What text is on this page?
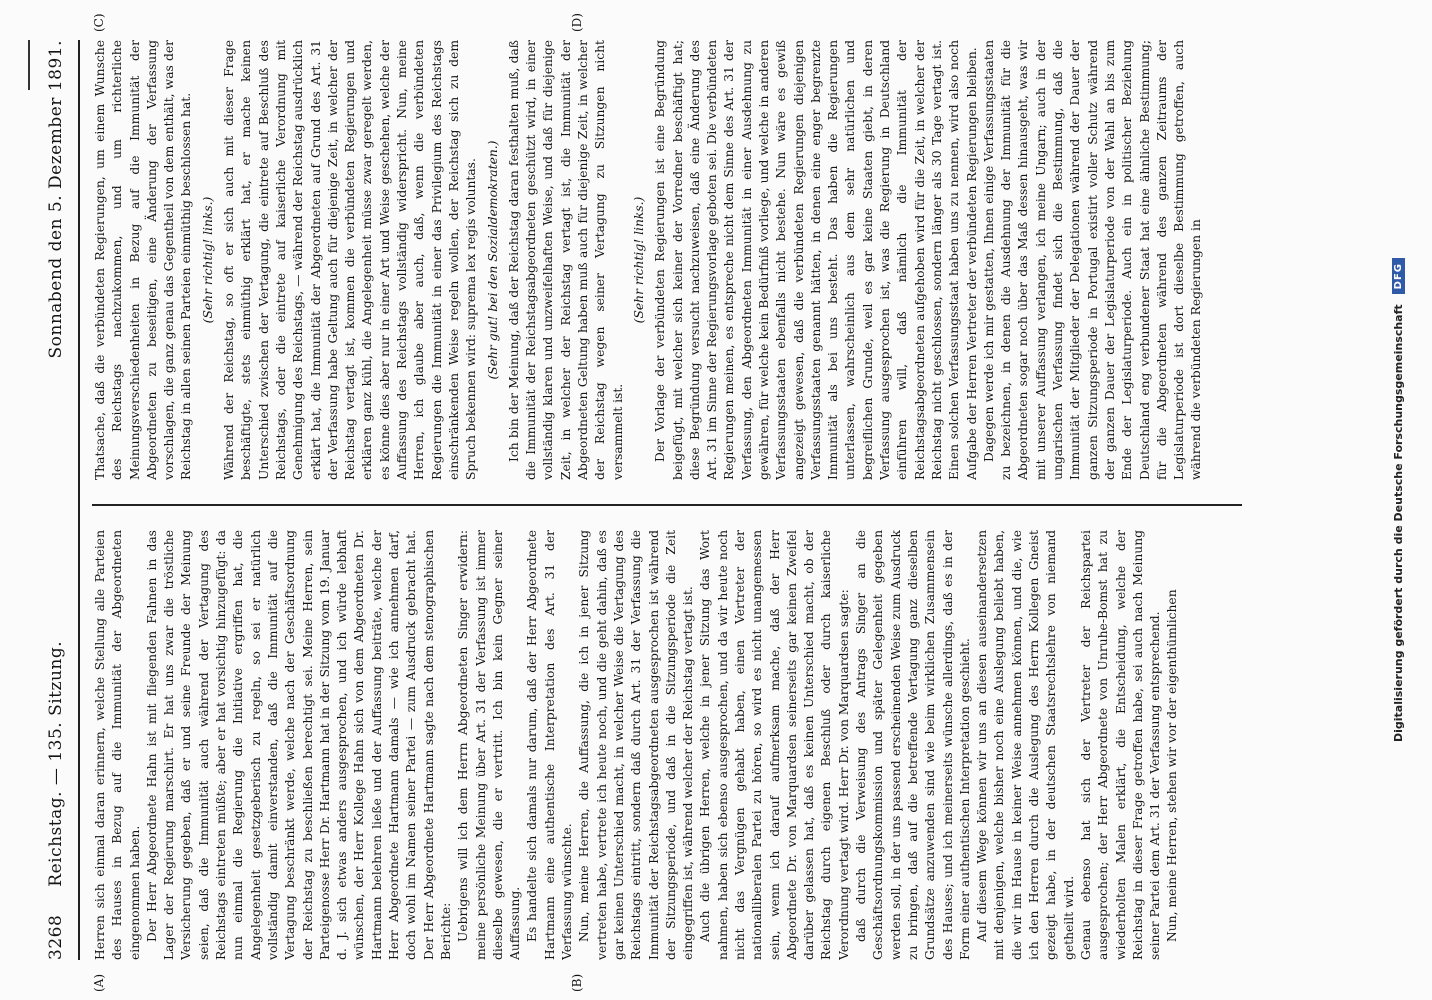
3268
Reichstag. — 135. Sitzung.
Sonnabend den 5. Dezember 1891.
(A)	(B)
(C)	(D)

Herren sich einmal daran erinnern, welche Stellung alle Parteien des Hauses in Bezug auf die Immunität der Abgeordneten eingenommen haben. Der Herr Abgeordnete Hahn ist mit fliegenden Fahnen in das Lager der Regierung marschirt. Er hat uns zwar die tröstliche Versicherung gegeben, daß er und seine Freunde der Meinung seien, daß die Immunität auch während der Vertagung des Reichstags eintreten müßte; aber er hat vorsichtig hinzugefügt: da nun einmal die Regierung die Initiative ergriffen hat, die Angelegenheit gesetzgeberisch zu regeln, so sei er natürlich vollständig damit einverstanden, daß die Immunität auf die Vertagung beschränkt werde, welche nach der Geschäftsordnung der Reichstag zu beschließen berechtigt sei. Meine Herren, sein Parteigenosse Herr Dr. Hartmann hat in der Sitzung vom 19. Januar d. J. sich etwas anders ausgesprochen, und ich würde lebhaft wünschen, der Herr Kollege Hahn sich von dem Abgeordneten Dr. Hartmann belehren ließe und der Auffassung beiträte, welche der Herr Abgeordnete Hartmann damals — wie ich annehmen darf, doch wohl im Namen seiner Partei — zum Ausdruck gebracht hat. Der Herr Abgeordnete Hartmann sagte nach dem stenographischen Berichte: Uebrigens will ich dem Herrn Abgeordneten Singer erwidern: meine persönliche Meinung über Art. 31 der Verfassung ist immer dieselbe gewesen, die er vertritt. Ich bin kein Gegner seiner Auffassung. Es handelte sich damals nur darum, daß der Herr Abgeordnete Hartmann eine authentische Interpretation des Art. 31 der Verfassung wünschte. Nun, meine Herren, die Auffassung, die ich in jener Sitzung vertreten habe, vertrete ich heute noch, und die geht dahin, daß es gar keinen Unterschied macht, in welcher Weise die Vertagung des Reichstags eintritt, sondern daß durch Art. 31 der Verfassung die Immunität der Reichstagsabgeordneten ausgesprochen ist während der Sitzungsperiode, und daß in die Sitzungsperiode die Zeit eingegriffen ist, während welcher der Reichstag vertagt ist. Auch die übrigen Herren, welche in jener Sitzung das Wort nahmen, haben sich ebenso ausgesprochen, und da wir heute noch nicht das Vergnügen gehabt haben, einen Vertreter der nationalliberalen Partei zu hören, so wird es nicht unangemessen sein, wenn ich darauf aufmerksam mache, daß der Herr Abgeordnete Dr. von Marquardsen seinerseits gar keinen Zweifel darüber gelassen hat, daß es keinen Unterschied macht, ob der Reichstag durch eigenen Beschluß oder durch kaiserliche Verordnung vertagt wird. Herr Dr. von Marquardsen sagte: daß durch die Verweisung des Antrags Singer an die Geschäftsordnungskommission und später Gelegenheit gegeben werden soll, in der uns passend erscheinenden Weise zum Ausdruck zu bringen, daß auf die betreffende Vertagung ganz dieselben Grundsätze anzuwenden sind wie beim wirklichen Zusammensein des Hauses; und ich meinerseits wünsche allerdings, daß es in der Form einer authentischen Interpretation geschieht. Auf diesem Wege können wir uns an diesen auseinandersetzen mit denjenigen, welche bisher noch eine Auslegung beliebt haben, die wir im Hause in keiner Weise annehmen können, und die, wie ich den Herren durch die Auslegung des Herrn Kollegen Gneist gezeigt habe, in der deutschen Staatsrechtslehre von niemand getheilt wird. Genau ebenso hat sich der Vertreter der Reichspartei ausgesprochen; der Herr Abgeordnete von Unruhe-Bomst hat zu wiederholten Malen erklärt, die Entscheidung, welche der Reichstag in dieser Frage getroffen habe, sei auch nach Meinung seiner Partei dem Art. 31 der Verfassung entsprechend. Nun, meine Herren, stehen wir vor der eigenthümlichen

Thatsache, daß die verbündeten Regierungen, um einem Wunsche des Reichstags nachzukommen, und um richterliche Meinungsverschiedenheiten in Bezug auf die Immunität der Abgeordneten zu beseitigen, eine Änderung der Verfassung vorschlagen, die ganz genau das Gegentheil von dem enthält, was der Reichstag in allen seinen Parteien einmüthig beschlossen hat. (Sehr richtig! links.) Während der Reichstag, so oft er sich auch mit dieser Frage beschäftigte, stets einmüthig erklärt hat, er mache keinen Unterschied zwischen der Vertagung, die eintrete auf Beschluß des Reichstags, oder die eintrete auf kaiserliche Verordnung mit Genehmigung des Reichstags, — während der Reichstag ausdrücklich erklärt hat, die Immunität der Abgeordneten auf Grund des Art. 31 der Verfassung habe Geltung auch für diejenige Zeit, in welcher der Reichstag vertagt ist, kommen die verbündeten Regierungen und erklären ganz kühl, die Angelegenheit müsse zwar geregelt werden, es könne dies aber nur in einer Art und Weise geschehen, welche der Auffassung des Reichstags vollständig widerspricht. Nun, meine Herren, ich glaube aber auch, daß, wenn die verbündeten Regierungen die Immunität in einer das Privilegium des Reichstags einschränkenden Weise regeln wollen, der Reichstag sich zu dem Spruch bekennen wird: suprema lex regis voluntas. (Sehr gut! bei den Sozialdemokraten.) Ich bin der Meinung, daß der Reichstag daran festhalten muß, daß die Immunität der Reichstagsabgeordneten geschützt wird, in einer vollständig klaren und unzweifelhaften Weise, und daß für diejenige Zeit, in welcher der Reichstag vertagt ist, die Immunität der Abgeordneten Geltung haben muß auch für diejenige Zeit, in welcher der Reichstag wegen seiner Vertagung zu Sitzungen nicht versammelt ist.

(Sehr richtig! links.) Der Vorlage der verbündeten Regierungen ist eine Begründung beigefügt, mit welcher sich keiner der Vorredner beschäftigt hat; diese Begründung versucht nachzuweisen, daß eine Änderung des Art. 31 im Sinne der Regierungsvorlage geboten sei. Die verbündeten Regierungen meinen, es entspreche nicht dem Sinne des Art. 31 der Verfassung, den Abgeordneten Immunität in einer Ausdehnung zu gewähren, für welche kein Bedürfniß vorliege, und welche in anderen Verfassungsstaaten ebenfalls nicht bestehe. Nun wäre es gewiß angezeigt gewesen, daß die verbündeten Regierungen diejenigen Verfassungsstaaten genannt hätten, in denen eine enger begrenzte Immunität als bei uns besteht. Das haben die Regierungen unterlassen, wahrscheinlich aus dem sehr natürlichen und begreiflichen Grunde, weil es gar keine Staaten giebt, in deren Verfassung ausgesprochen ist, was die Regierung in Deutschland einführen will, daß nämlich die Immunität der Reichstagsabgeordneten aufgehoben wird für die Zeit, in welcher der Reichstag nicht geschlossen, sondern länger als 30 Tage vertagt ist. Einen solchen Verfassungsstaat haben uns zu nennen, wird also noch Aufgabe der Herren Vertreter der verbündeten Regierungen bleiben. Dagegen werde ich mir gestatten, Ihnen einige Verfassungsstaaten zu bezeichnen, in denen die Ausdehnung der Immunität für die Abgeordneten sogar noch über das Maß dessen hinausgeht, was wir mit unserer Auffassung verlangen, ich meine Ungarn; auch in der ungarischen Verfassung findet sich die Bestimmung, daß die Immunität der Mitglieder der Delegationen während der Dauer der ganzen Sitzungsperiode in Portugal existirt voller Schutz während der ganzen Dauer der Legislaturperiode von der Wahl an bis zum Ende der Legislaturperiode. Auch ein in politischer Beziehung Deutschland eng verbundener Staat hat eine ähnliche Bestimmung; für die Abgeordneten während des ganzen Zeitraums der Legislaturperiode ist dort dieselbe Bestimmung getroffen, auch während die verbündeten Regierungen in	Digitalisierung gefördert durch die Deutsche Forschungsgemeinschaft
DFG
